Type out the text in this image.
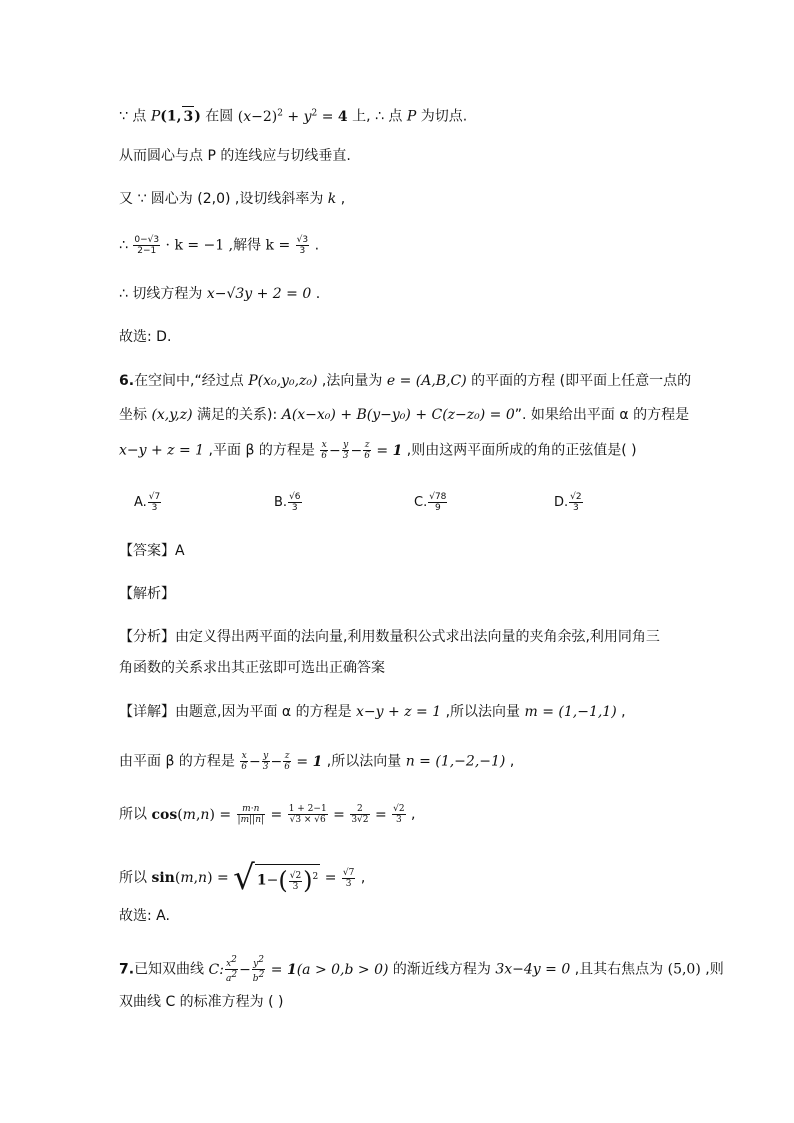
∵ 点 P(1, 3) 在圆 $(x-2)^2 + y^2 = 4$ 上, ∴ 点 P 为切点.
从而圆心与点 P 的连线应与切线垂直.
又 ∵ 圆心为 (2,0) ,设切线斜率为 k ,
∴ $\frac{0-√3}{2-1} \cdot k = -1$ ,解得 $k = \frac{√3}{3}$ .
∴ 切线方程为 x−√3y + 2 = 0 .
故选: D.
6.在空间中,“经过点 P(x₀,y₀,z₀) ,法向量为 e = (A,B,C) 的平面的方程 (即平面上任意一点的
坐标 (x,y,z) 满足的关系): A(x−x₀) + B(y−y₀) + C(z−z₀) = 0”. 如果给出平面 α 的方程是
x−y + z = 1 ,平面 β 的方程是 $\frac{x}{6} - \frac{y}{3} - \frac{z}{6} = 1$ ,则由这两平面所成的角的正弦值是( )
A. $\frac{√7}{3}$	B. $\frac{√6}{3}$	C. $\frac{√78}{9}$	D. $\frac{√2}{3}$
【答案】A
【解析】
【分析】由定义得出两平面的法向量,利用数量积公式求出法向量的夹角余弦,利用同角三
角函数的关系求出其正弦即可选出正确答案
【详解】由题意,因为平面 α 的方程是 x−y + z = 1 ,所以法向量 m = (1,−1,1) ,
由平面 β 的方程是 $\frac{x}{6} - \frac{y}{3} - \frac{z}{6} = 1$ ,所以法向量 n = (1,−2,−1) ,
所以 $\cos(m,n) = \frac{m\cdot n}{|m||n|} = \frac{1 + 2-1}{√3 \times √6} = \frac{2}{3√2} = \frac{√2}{3}$ ,
所以 sin(m,n) = √ $1-( \frac{√2}{3} )^2 = \frac{√7}{3}$ ,
故选: A.
7.已知双曲线 C: $\frac{x2}{a2} - \frac{y2}{b2} = 1(a > 0,b > 0)$ 的渐近线方程为 3x−4y = 0 ,且其右焦点为 (5,0) ,则
双曲线 C 的标准方程为 ( )
